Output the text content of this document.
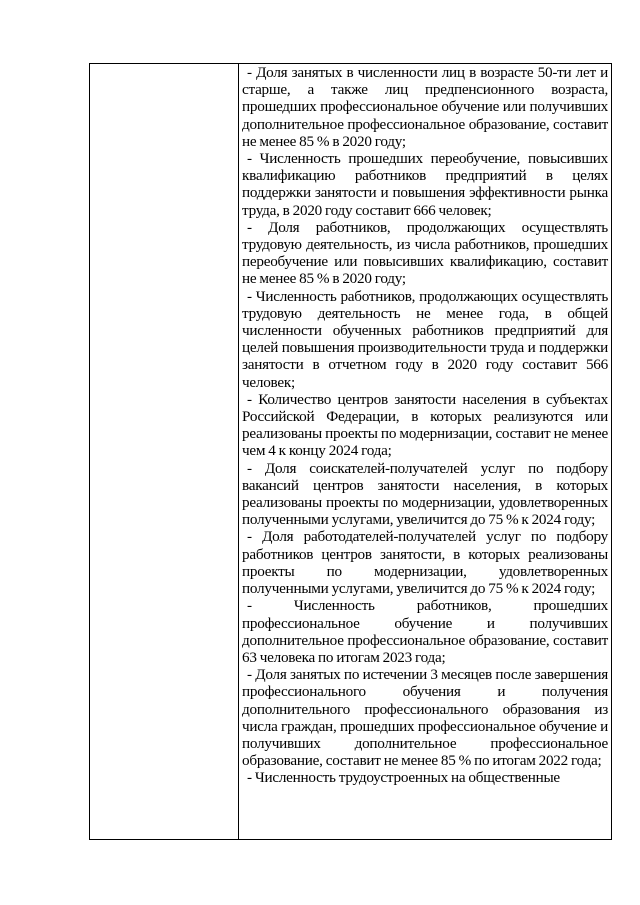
- Доля занятых в численности лиц в возрасте 50-ти лет и старше, а также лиц предпенсионного возраста, прошедших профессиональное обучение или получивших дополнительное профессиональное образование, составит не менее 85 % в 2020 году;

- Численность прошедших переобучение, повысивших квалификацию работников предприятий в целях поддержки занятости и повышения эффективности рынка труда, в 2020 году составит 666 человек;

- Доля работников, продолжающих осуществлять трудовую деятельность, из числа работников, прошедших переобучение или повысивших квалификацию, составит не менее 85 % в 2020 году;

- Численность работников, продолжающих осуществлять трудовую деятельность не менее года, в общей численности обученных работников предприятий для целей повышения производительности труда и поддержки занятости в отчетном году в 2020 году составит 566 человек;

- Количество центров занятости населения в субъектах Российской Федерации, в которых реализуются или реализованы проекты по модернизации, составит не менее чем 4 к концу 2024 года;

- Доля соискателей-получателей услуг по подбору вакансий центров занятости населения, в которых реализованы проекты по модернизации, удовлетворенных полученными услугами, увеличится до 75 % к 2024 году;

- Доля работодателей-получателей услуг по подбору работников центров занятости, в которых реализованы проекты по модернизации, удовлетворенных полученными услугами, увеличится до 75 % к 2024 году;

- Численность работников, прошедших профессиональное обучение и получивших дополнительное профессиональное образование, составит 63 человека по итогам 2023 года;

- Доля занятых по истечении 3 месяцев после завершения профессионального обучения и получения дополнительного профессионального образования из числа граждан, прошедших профессиональное обучение и получивших дополнительное профессиональное образование, составит не менее 85 % по итогам 2022 года;

- Численность трудоустроенных на общественные
